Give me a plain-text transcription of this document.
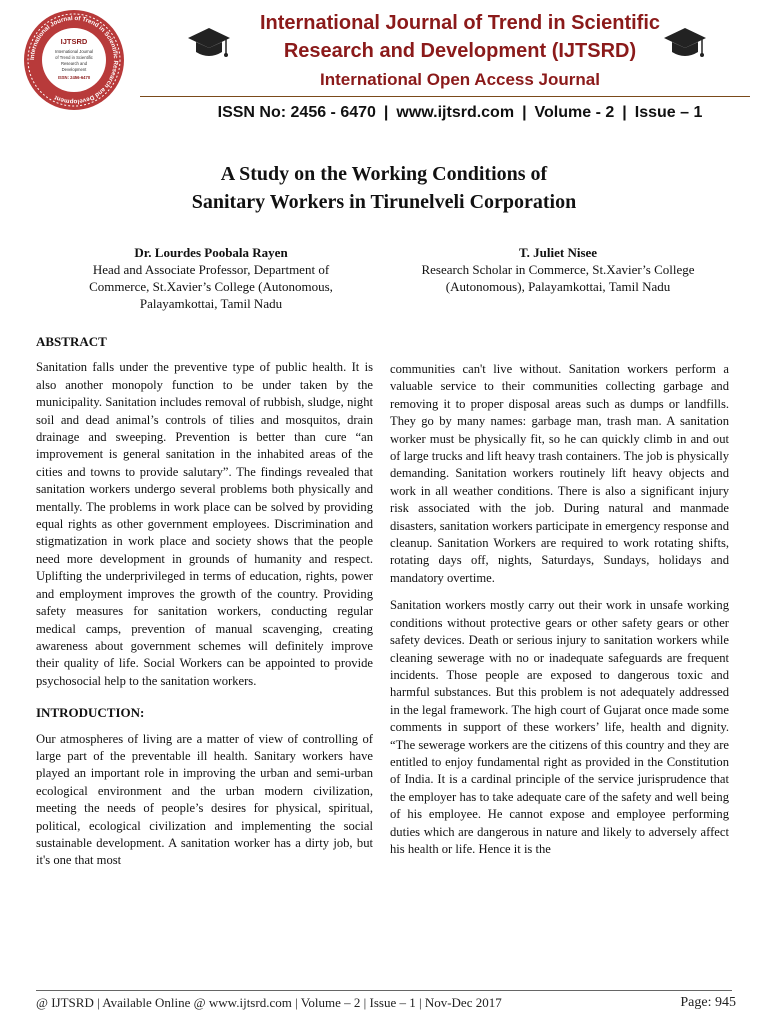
International Journal of Trend in Scientific Research and Development
IJTSRD
International Journal
of Trend in Scientific
Research and
Development
ISSN: 2456-6470
International Journal of Trend in Scientific
Research and Development (IJTSRD)
International Open Access Journal
ISSN No: 2456 - 6470 | www.ijtsrd.com | Volume - 2 | Issue – 1
A Study on the Working Conditions of
Sanitary Workers in Tirunelveli Corporation
Dr. Lourdes Poobala Rayen
Head and Associate Professor, Department of
Commerce, St.Xavier’s College (Autonomous,
Palayamkottai, Tamil Nadu
T. Juliet Nisee
Research Scholar in Commerce, St.Xavier’s College
(Autonomous), Palayamkottai, Tamil Nadu
ABSTRACT

Sanitation falls under the preventive type of public health. It is also another monopoly function to be under taken by the municipality. Sanitation includes removal of rubbish, sludge, night soil and dead animal’s controls of tilies and mosquitos, drain drainage and sweeping. Prevention is better than cure “an improvement is general sanitation in the inhabited areas of the cities and towns to provide salutary”. The findings revealed that sanitation workers undergo several problems both physically and mentally. The problems in work place can be solved by providing equal rights as other government employees. Discrimination and stigmatization in work place and society shows that the people need more development in grounds of humanity and respect. Uplifting the underprivileged in terms of education, rights, power and employment improves the growth of the country. Providing safety measures for sanitation workers, conducting regular medical camps, prevention of manual scavenging, creating awareness about government schemes will definitely improve their quality of life. Social Workers can be appointed to provide psychosocial help to the sanitation workers.

INTRODUCTION:

Our atmospheres of living are a matter of view of controlling of large part of the preventable ill health. Sanitary workers have played an important role in improving the urban and semi-urban ecological environment and the urban modern civilization, meeting the needs of people’s desires for physical, spiritual, political, ecological civilization and implementing the social sustainable development. A sanitation worker has a dirty job, but it's one that most

communities can't live without. Sanitation workers perform a valuable service to their communities collecting garbage and removing it to proper disposal areas such as dumps or landfills. They go by many names: garbage man, trash man. A sanitation worker must be physically fit, so he can quickly climb in and out of large trucks and lift heavy trash containers. The job is physically demanding. Sanitation workers routinely lift heavy objects and work in all weather conditions. There is also a significant injury risk associated with the job. During natural and manmade disasters, sanitation workers participate in emergency response and cleanup. Sanitation Workers are required to work rotating shifts, rotating days off, nights, Saturdays, Sundays, holidays and mandatory overtime.

Sanitation workers mostly carry out their work in unsafe working conditions without protective gears or other safety gears or other safety devices. Death or serious injury to sanitation workers while cleaning sewerage with no or inadequate safeguards are frequent incidents. Those people are exposed to dangerous toxic and harmful substances. But this problem is not adequately addressed in the legal framework. The high court of Gujarat once made some comments in support of these workers’ life, health and dignity. “The sewerage workers are the citizens of this country and they are entitled to enjoy fundamental right as provided in the Constitution of India. It is a cardinal principle of the service jurisprudence that the employer has to take adequate care of the safety and well being of his employee. He cannot expose and employee performing duties which are dangerous in nature and likely to adversely affect his health or life. Hence it is the

@ IJTSRD | Available Online @ www.ijtsrd.com | Volume – 2 | Issue – 1 | Nov-Dec 2017	Page: 945
